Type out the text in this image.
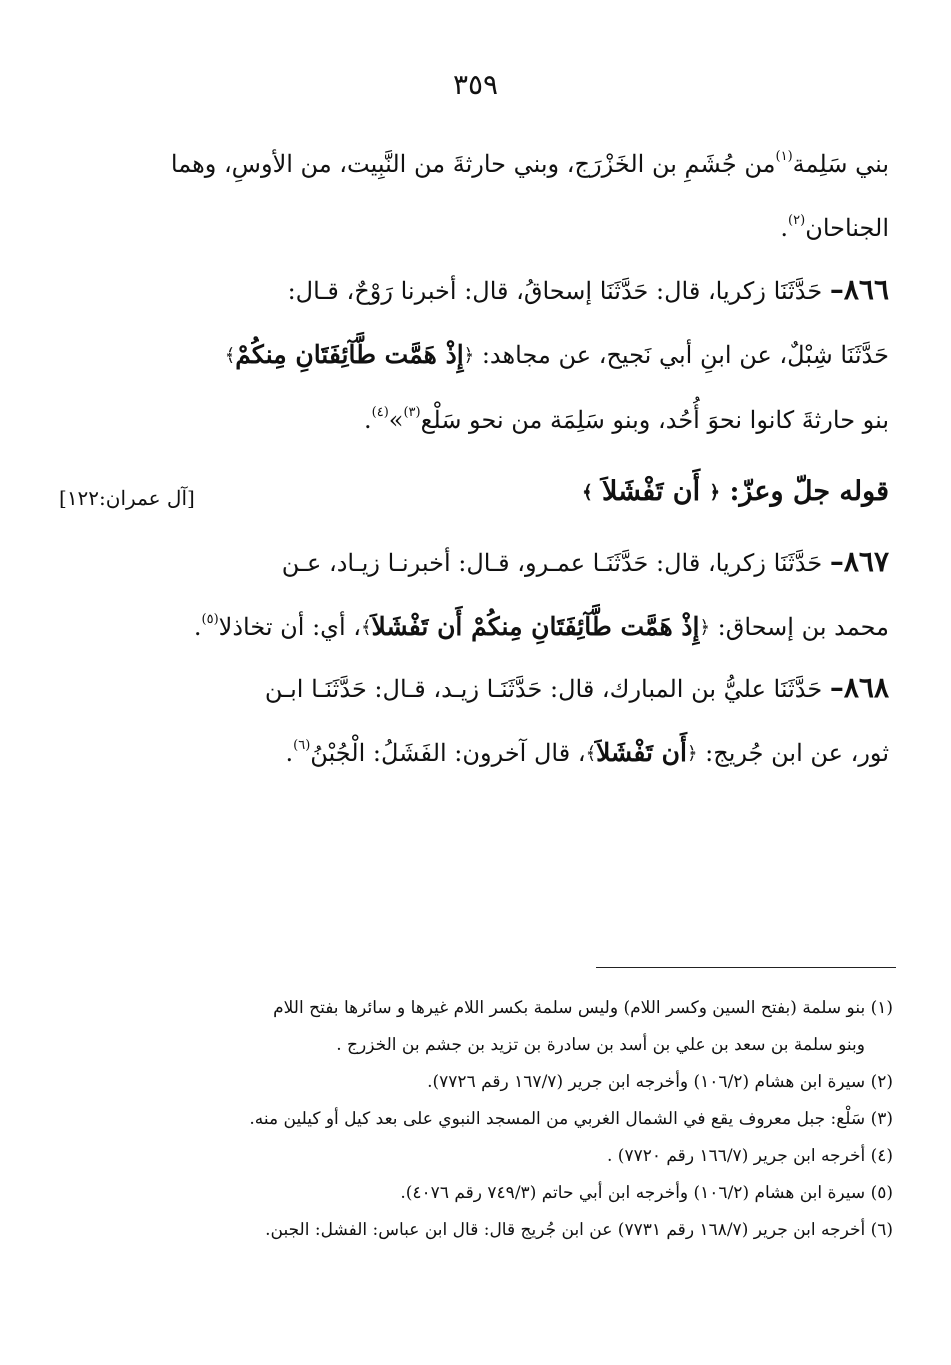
٣٥٩
بني سَلِمة$^{(١)}$من جُشَمِ بن الخَزْرَج، وبني حارثةَ من النَّبِيت، من الأوسِ، وهما
الجناحان$^{(٢)}$.
٨٦٦– حَدَّثَنَا زكريا، قال: حَدَّثَنَا إسحاقُ، قال: أخبرنا رَوْحٌ، قـال:
حَدَّثَنَا شِبْلٌ، عن ابنِ أبي نَجيح، عن مجاهد: ﴿إِذْ هَمَّت طَّآئِفَتَانِ مِنكُمْ﴾
بنو حارثةَ كانوا نحوَ أُحُد، وبنو سَلِمَة من نحو سَلْع$^{(٣)}$»$^{(٤)}$.
قوله جلّ وعزّ: ﴿ أَن تَفْشَلاَ ﴾
[آل عمران:١٢٢]
٨٦٧– حَدَّثَنَا زكريا، قال: حَدَّثَنَـا عمـرو، قـال: أخبرنـا زيـاد، عـن
محمد بن إسحاق: ﴿إِذْ هَمَّت طَّآئِفَتَانِ مِنكُمْ أَن تَفْشَلاَ﴾، أي: أن تخاذلا$^{(٥)}$.
٨٦٨– حَدَّثَنَا عليُّ بن المبارك، قال: حَدَّثَنَـا زيـد، قـال: حَدَّثَنَـا ابـن
ثور، عن ابن جُريج: ﴿أَن تَفْشَلاَ﴾، قال آخرون: الفَشَلُ: الْجُبْنُ$^{(٦)}$.
(١) بنو سلمة (بفتح السين وكسر اللام) وليس سلمة بكسر اللام غيرها و سائرها بفتح اللام
وبنو سلمة بن سعد بن علي بن أسد بن سادرة بن تزيد بن جشم بن الخزرج .
(٢) سيرة ابن هشام (١٠٦/٢) وأخرجه ابن جرير (١٦٧/٧ رقم ٧٧٢٦).
(٣) سَلْع: جبل معروف يقع في الشمال الغربي من المسجد النبوي على بعد كيل أو كيلين منه.
(٤) أخرجه ابن جرير (١٦٦/٧ رقم ٧٧٢٠) .
(٥) سيرة ابن هشام (١٠٦/٢) وأخرجه ابن أبي حاتم (٧٤٩/٣ رقم ٤٠٧٦).
(٦) أخرجه ابن جرير (١٦٨/٧ رقم ٧٧٣١) عن ابن جُريج قال: قال ابن عباس: الفشل: الجبن.
